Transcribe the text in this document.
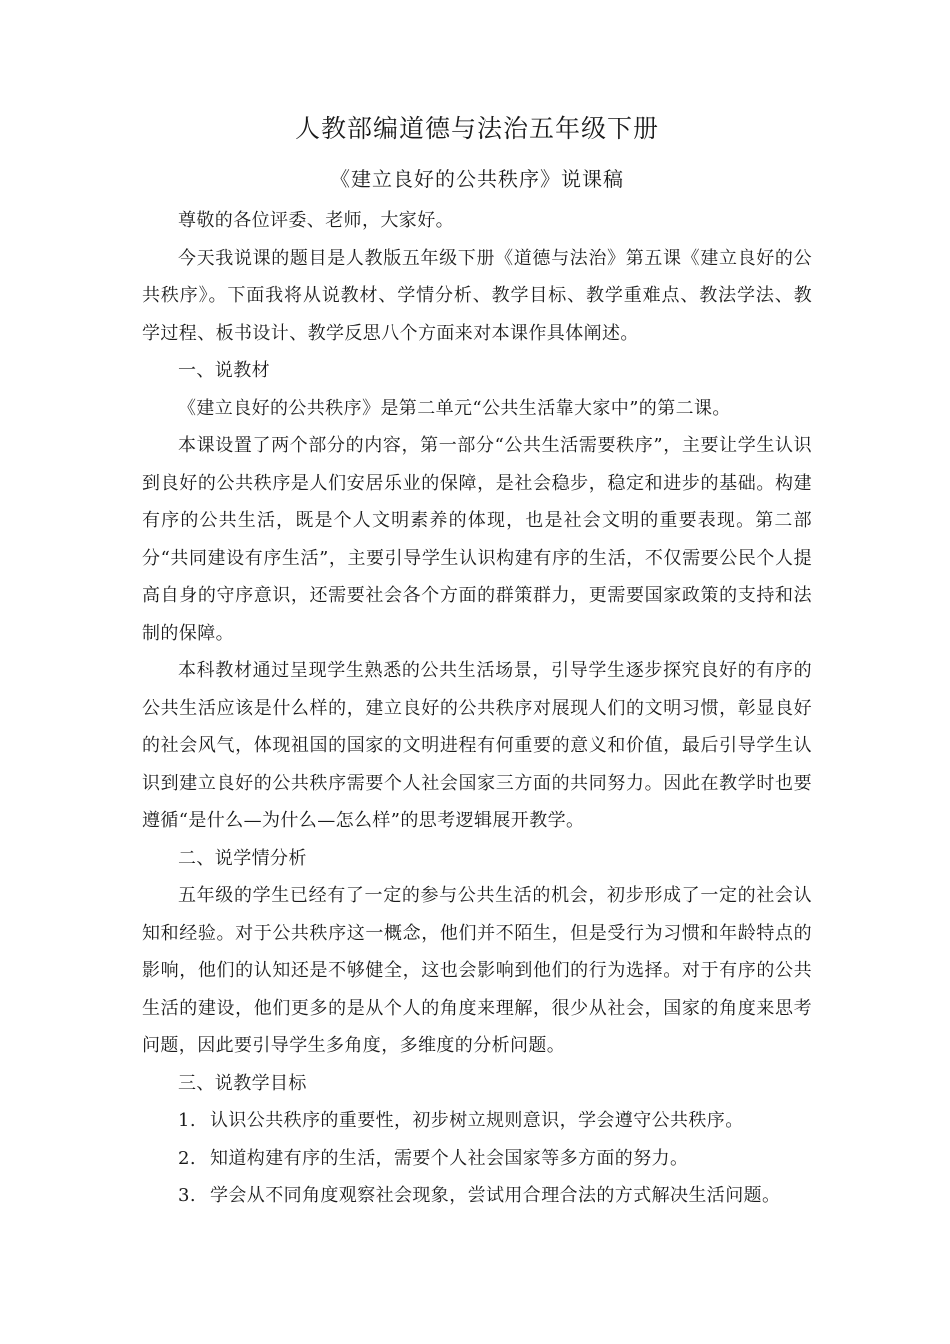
人教部编道德与法治五年级下册
《建立良好的公共秩序》说课稿

尊敬的各位评委、老师，大家好。

今天我说课的题目是人教版五年级下册《道德与法治》第五课《建立良好的公共秩序》。下面我将从说教材、学情分析、教学目标、教学重难点、教法学法、教学过程、板书设计、教学反思八个方面来对本课作具体阐述。

一、说教材

《建立良好的公共秩序》是第二单元“公共生活靠大家中”的第二课。

本课设置了两个部分的内容，第一部分“公共生活需要秩序”，主要让学生认识到良好的公共秩序是人们安居乐业的保障，是社会稳步，稳定和进步的基础。构建有序的公共生活，既是个人文明素养的体现，也是社会文明的重要表现。第二部分“共同建设有序生活”，主要引导学生认识构建有序的生活，不仅需要公民个人提高自身的守序意识，还需要社会各个方面的群策群力，更需要国家政策的支持和法制的保障。

本科教材通过呈现学生熟悉的公共生活场景，引导学生逐步探究良好的有序的公共生活应该是什么样的，建立良好的公共秩序对展现人们的文明习惯，彰显良好的社会风气，体现祖国的国家的文明进程有何重要的意义和价值，最后引导学生认识到建立良好的公共秩序需要个人社会国家三方面的共同努力。因此在教学时也要遵循“是什么—为什么—怎么样”的思考逻辑展开教学。

二、说学情分析

五年级的学生已经有了一定的参与公共生活的机会，初步形成了一定的社会认知和经验。对于公共秩序这一概念，他们并不陌生，但是受行为习惯和年龄特点的影响，他们的认知还是不够健全，这也会影响到他们的行为选择。对于有序的公共生活的建设，他们更多的是从个人的角度来理解，很少从社会，国家的角度来思考问题，因此要引导学生多角度，多维度的分析问题。

三、说教学目标

1. 认识公共秩序的重要性，初步树立规则意识，学会遵守公共秩序。
2. 知道构建有序的生活，需要个人社会国家等多方面的努力。
3. 学会从不同角度观察社会现象，尝试用合理合法的方式解决生活问题。
